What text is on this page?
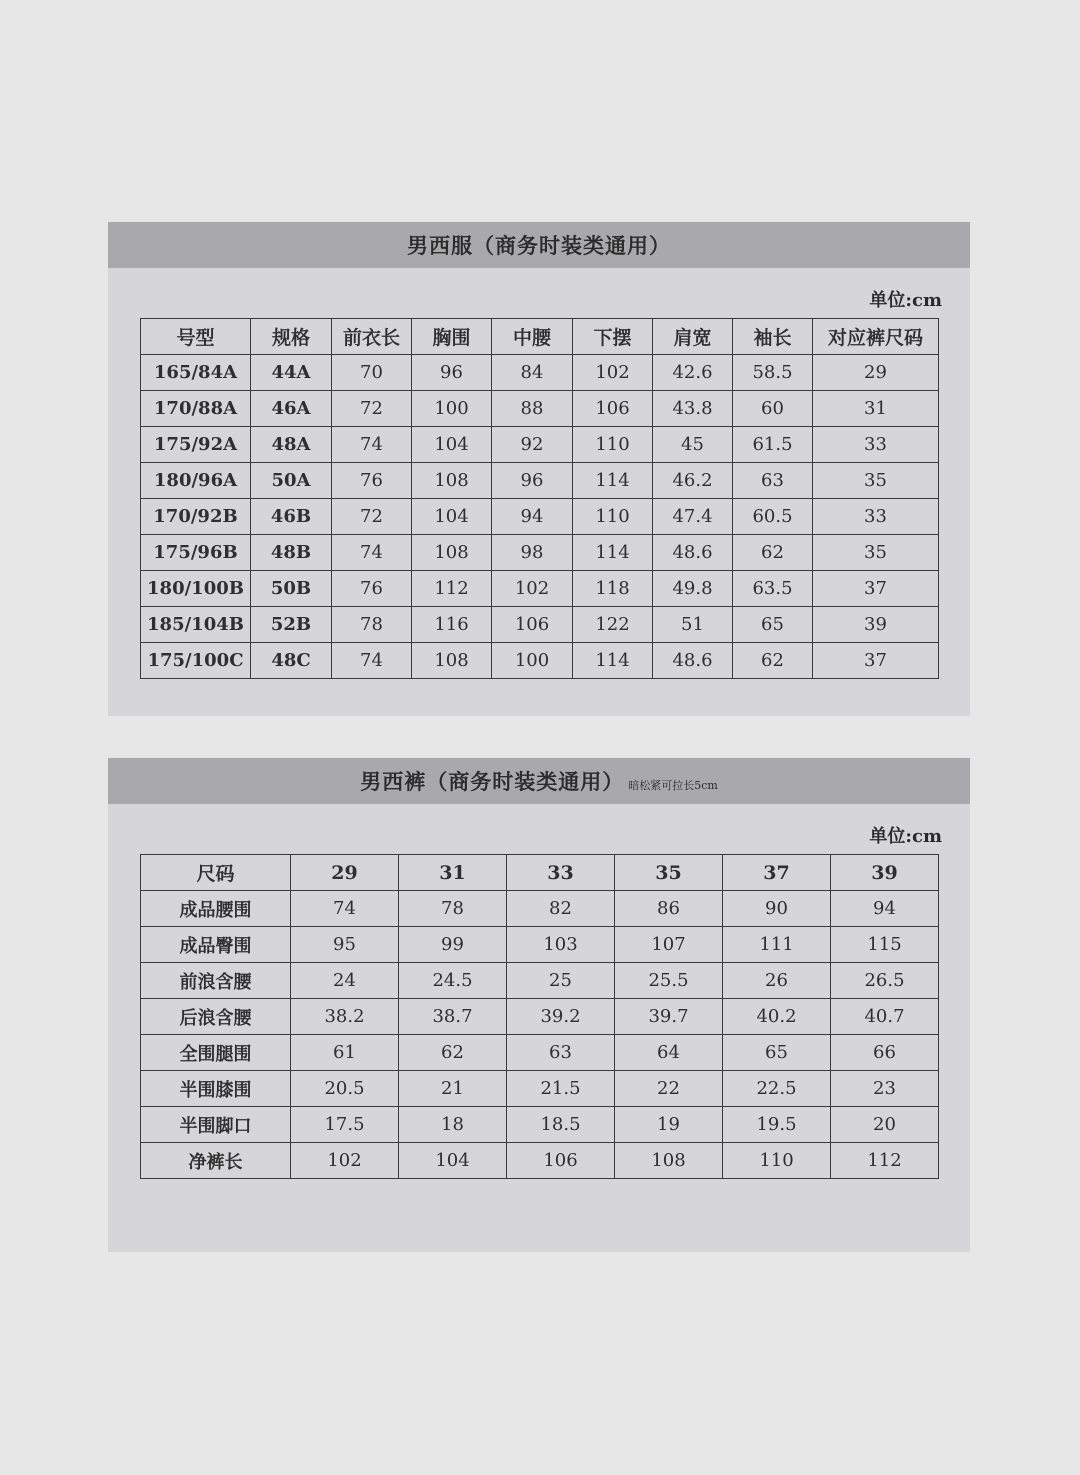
男西服（商务时装类通用）
单位:cm
号型	规格	前衣长	胸围	中腰	下摆	肩宽	袖长	对应裤尺码
165/84A	44A	70	96	84	102	42.6	58.5	29
170/88A	46A	72	100	88	106	43.8	60	31
175/92A	48A	74	104	92	110	45	61.5	33
180/96A	50A	76	108	96	114	46.2	63	35
170/92B	46B	72	104	94	110	47.4	60.5	33
175/96B	48B	74	108	98	114	48.6	62	35
180/100B	50B	76	112	102	118	49.8	63.5	37
185/104B	52B	78	116	106	122	51	65	39
175/100C	48C	74	108	100	114	48.6	62	37
男西裤（商务时装类通用） 暗松紧可拉长5cm
单位:cm
尺码	29	31	33	35	37	39
成品腰围	74	78	82	86	90	94
成品臀围	95	99	103	107	111	115
前浪含腰	24	24.5	25	25.5	26	26.5
后浪含腰	38.2	38.7	39.2	39.7	40.2	40.7
全围腿围	61	62	63	64	65	66
半围膝围	20.5	21	21.5	22	22.5	23
半围脚口	17.5	18	18.5	19	19.5	20
净裤长	102	104	106	108	110	112
